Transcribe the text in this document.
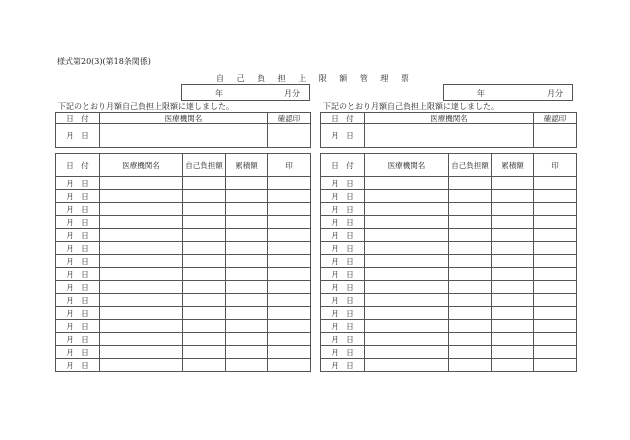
様式第20(3)(第18条関係)
自 己 負 担 上 限 額 管 理 票
年	月分
下記のとおり月額自己負担上限額に達しました。
日　付	医療機関名	確認印
月　日		
日　付	医療機関名	自己負担額	累積額	印
月　日				
月　日				
月　日				
月　日				
月　日				
月　日				
月　日				
月　日				
月　日				
月　日				
月　日				
月　日				
月　日				
月　日				
月　日				
年	月分
下記のとおり月額自己負担上限額に達しました。
日　付	医療機関名	確認印
月　日		
日　付	医療機関名	自己負担額	累積額	印
月　日				
月　日				
月　日				
月　日				
月　日				
月　日				
月　日				
月　日				
月　日				
月　日				
月　日				
月　日				
月　日				
月　日				
月　日				
